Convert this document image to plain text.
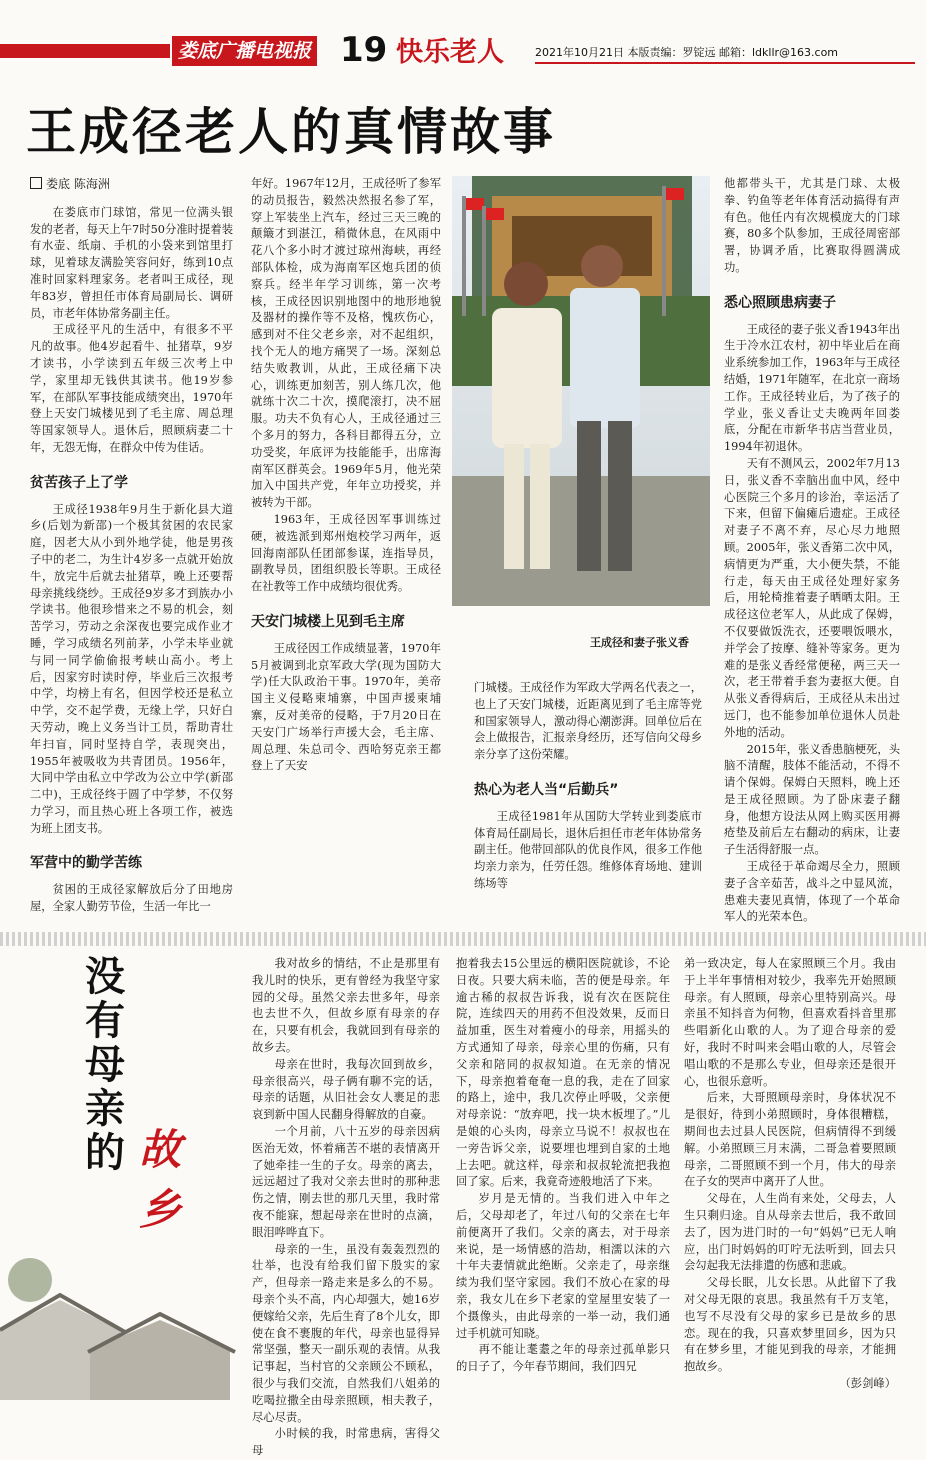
娄底广播电视报 19 快乐老人	2021年10月21日 本版责编：罗锭远 邮箱：ldkllr@163.com
王成径老人的真情故事
娄底 陈海洲

在娄底市门球馆，常见一位满头银发的老者，每天上午7时50分准时提着装有水壶、纸扇、手机的小袋来到馆里打球，见着球友满脸笑容问好，练到10点准时回家料理家务。老者叫王成径，现年83岁，曾担任市体育局副局长、调研员，市老年体协常务副主任。

王成径平凡的生活中，有很多不平凡的故事。他4岁起看牛、扯猪草，9岁才读书，小学读到五年级三次考上中学，家里却无钱供其读书。他19岁参军，在部队军事技能成绩突出，1970年登上天安门城楼见到了毛主席、周总理等国家领导人。退休后，照顾病妻二十年，无怨无悔，在群众中传为佳话。

贫苦孩子上了学

王成径1938年9月生于新化县大道乡(后划为新邵)一个极其贫困的农民家庭，因老大从小到外地学徒，他是男孩子中的老二，为生计4岁多一点就开始放牛，放完牛后就去扯猪草，晚上还要帮母亲挑线绕纱。王成径9岁多才到族办小学读书。他很珍惜来之不易的机会，刻苦学习，劳动之余深夜也要完成作业才睡，学习成绩名列前茅，小学未毕业就与同一同学偷偷报考峡山高小。考上后，因家穷时读时停，毕业后三次报考中学，均榜上有名，但因学校还是私立中学，交不起学费，无缘上学，只好白天劳动，晚上义务当计工员，帮助青壮年扫盲，同时坚持自学，表现突出，1955年被吸收为共青团员。1956年，大同中学由私立中学改为公立中学(新邵二中)，王成径终于圆了中学梦，不仅努力学习，而且热心班上各项工作，被选为班上团支书。

军营中的勤学苦练

贫困的王成径家解放后分了田地房屋，全家人勤劳节俭，生活一年比一

年好。1967年12月，王成径听了参军的动员报告，毅然决然报名参了军，穿上军装坐上汽车，经过三天三晚的颠簸才到湛江，稍微休息，在风雨中花八个多小时才渡过琼州海峡，再经部队体检，成为海南军区炮兵团的侦察兵。经半年学习训练，第一次考核，王成径因识别地图中的地形地貌及器材的操作等不及格，愧疚伤心，感到对不住父老乡亲，对不起组织，找个无人的地方痛哭了一场。深刻总结失败教训，从此，王成径痛下决心，训练更加刻苦，别人练几次，他就练十次二十次，摸爬滚打，决不屈服。功夫不负有心人，王成径通过三个多月的努力，各科目都得五分，立功受奖，年底评为技能能手，出席海南军区群英会。1969年5月，他光荣加入中国共产党，年年立功授奖，并被转为干部。

1963年，王成径因军事训练过硬，被选派到郑州炮校学习两年，返回海南部队任团部参谋，连指导员，副教导员，团组织股长等职。王成径在社教等工作中成绩均很优秀。

天安门城楼上见到毛主席

王成径因工作成绩显著，1970年5月被调到北京军政大学(现为国防大学)任大队政治干事。1970年，美帝国主义侵略柬埔寨，中国声援柬埔寨，反对美帝的侵略，于7月20日在天安门广场举行声援大会，毛主席、周总理、朱总司令、西哈努克亲王都登上了天安

王成径和妻子张义香

门城楼。王成径作为军政大学两名代表之一，也上了天安门城楼，近距离见到了毛主席等党和国家领导人，激动得心潮澎湃。回单位后在会上做报告，汇报亲身经历，还写信向父母乡亲分享了这份荣耀。

热心为老人当“后勤兵”

王成径1981年从国防大学转业到娄底市体育局任副局长，退休后担任市老年体协常务副主任。他带回部队的优良作风，很多工作他均亲力亲为，任劳任怨。维修体育场地、建训练场等

他都带头干，尤其是门球、太极拳、钓鱼等老年体育活动搞得有声有色。他任内有次规模庞大的门球赛，80多个队参加，王成径周密部署，协调矛盾，比赛取得圆满成功。

悉心照顾患病妻子

王成径的妻子张义香1943年出生于冷水江农村，初中毕业后在商业系统参加工作，1963年与王成径结婚，1971年随军，在北京一商场工作。王成径转业后，为了孩子的学业，张义香让丈夫晚两年回娄底，分配在市新华书店当营业员，1994年初退休。

天有不测风云，2002年7月13日，张义香不幸脑出血中风，经中心医院三个多月的诊治，幸运活了下来，但留下偏瘫后遗症。王成径对妻子不离不弃，尽心尽力地照顾。2005年，张义香第二次中风，病情更为严重，大小便失禁，不能行走，每天由王成径处理好家务后，用轮椅推着妻子晒晒太阳。王成径这位老军人，从此成了保姆，不仅要做饭洗衣，还要喂饭喂水，并学会了按摩、缝补等家务。更为难的是张义香经常便秘，两三天一次，老王带着手套为妻抠大便。自从张义香得病后，王成径从未出过远门，也不能参加单位退休人员赴外地的活动。

2015年，张义香患脑梗死，头脑不清醒，肢体不能活动，不得不请个保姆。保姆白天照料，晚上还是王成径照顾。为了卧床妻子翻身，他想方设法从网上购买医用褥疮垫及前后左右翻动的病床，让妻子生活得舒服一点。

王成径于革命竭尽全力，照顾妻子含辛茹苦，战斗之中显风流，患难夫妻见真情，体现了一个革命军人的光荣本色。

没有母亲的 故乡

我对故乡的情结，不止是那里有我儿时的快乐，更有曾经为我坚守家园的父母。虽然父亲去世多年，母亲也去世不久，但故乡原有母亲的存在，只要有机会，我就回到有母亲的故乡去。

母亲在世时，我每次回到故乡，母亲很高兴，母子俩有聊不完的话，母亲的话题，从旧社会女人裹足的悲哀到新中国人民翻身得解放的自豪。

一个月前，八十五岁的母亲因病医治无效，怀着痛苦不堪的表情离开了她牵挂一生的子女。母亲的离去，远远超过了我对父亲去世时的那种悲伤之情，刚去世的那几天里，我时常夜不能寐，想起母亲在世时的点滴，眼泪哗哗直下。

母亲的一生，虽没有轰轰烈烈的壮举，也没有给我们留下殷实的家产，但母亲一路走来是多么的不易。母亲个头不高，内心却强大，她16岁便嫁给父亲，先后生育了8个儿女，即使在食不裹腹的年代，母亲也显得异常坚强，整天一副乐观的表情。从我记事起，当村官的父亲顾公不顾私，很少与我们交流，自然我们八姐弟的吃喝拉撒全由母亲照顾，相夫教子，尽心尽责。

小时候的我，时常患病，害得父母

抱着我去15公里远的横阳医院就诊，不论日夜。只要大病未临，苦的便是母亲。年逾古稀的叔叔告诉我，说有次在医院住院，连续四天的用药不但没效果，反而日益加重，医生对着瘦小的母亲，用摇头的方式通知了母亲，母亲心里的伤痛，只有父亲和陪同的叔叔知道。在无亲的情况下，母亲抱着奄奄一息的我，走在了回家的路上，途中，我几次停止呼吸，父亲便对母亲说：“放弃吧，找一块木板埋了。”儿是娘的心头肉，母亲立马说不！叔叔也在一旁告诉父亲，说要埋也埋到自家的土地上去吧。就这样，母亲和叔叔轮流把我抱回了家。后来，我竟奇迹般地活了下来。

岁月是无情的。当我们进入中年之后，父母却老了，年过八旬的父亲在七年前便离开了我们。父亲的离去，对于母亲来说，是一场情感的浩劫，相濡以沫的六十年夫妻情就此绝断。父亲走了，母亲继续为我们坚守家园。我们不放心在家的母亲，我女儿在乡下老家的堂屋里安装了一个摄像头，由此母亲的一举一动，我们通过手机就可知晓。

再不能让耄耋之年的母亲过孤单影只的日子了，今年春节期间，我们四兄

弟一致决定，每人在家照顾三个月。我由于上半年事情相对较少，我率先开始照顾母亲。有人照顾，母亲心里特别高兴。母亲虽不知抖音为何物，但喜欢看抖音里那些唱新化山歌的人。为了迎合母亲的爱好，我时不时叫来会唱山歌的人，尽管会唱山歌的不是那么专业，但母亲还是很开心，也很乐意听。

后来，大哥照顾母亲时，身体状况不是很好，待到小弟照顾时，身体很糟糕，期间也去过县人民医院，但病情得不到缓解。小弟照顾三月末满，二哥急着要照顾母亲，二哥照顾不到一个月，伟大的母亲在子女的哭声中离开了人世。

父母在，人生尚有来处，父母去，人生只剩归途。自从母亲去世后，我不敢回去了，因为进门时的一句“妈妈”已无人响应，出门时妈妈的叮咛无法听到，回去只会勾起我无法排遣的伤感和悲戚。

父母长眠，儿女长思。从此留下了我对父母无限的哀思。我虽然有千万支笔，也写不尽没有父母的家乡已是故乡的思恋。现在的我，只喜欢梦里回乡，因为只有在梦乡里，才能见到我的母亲，才能拥抱故乡。

（彭剑峰）
